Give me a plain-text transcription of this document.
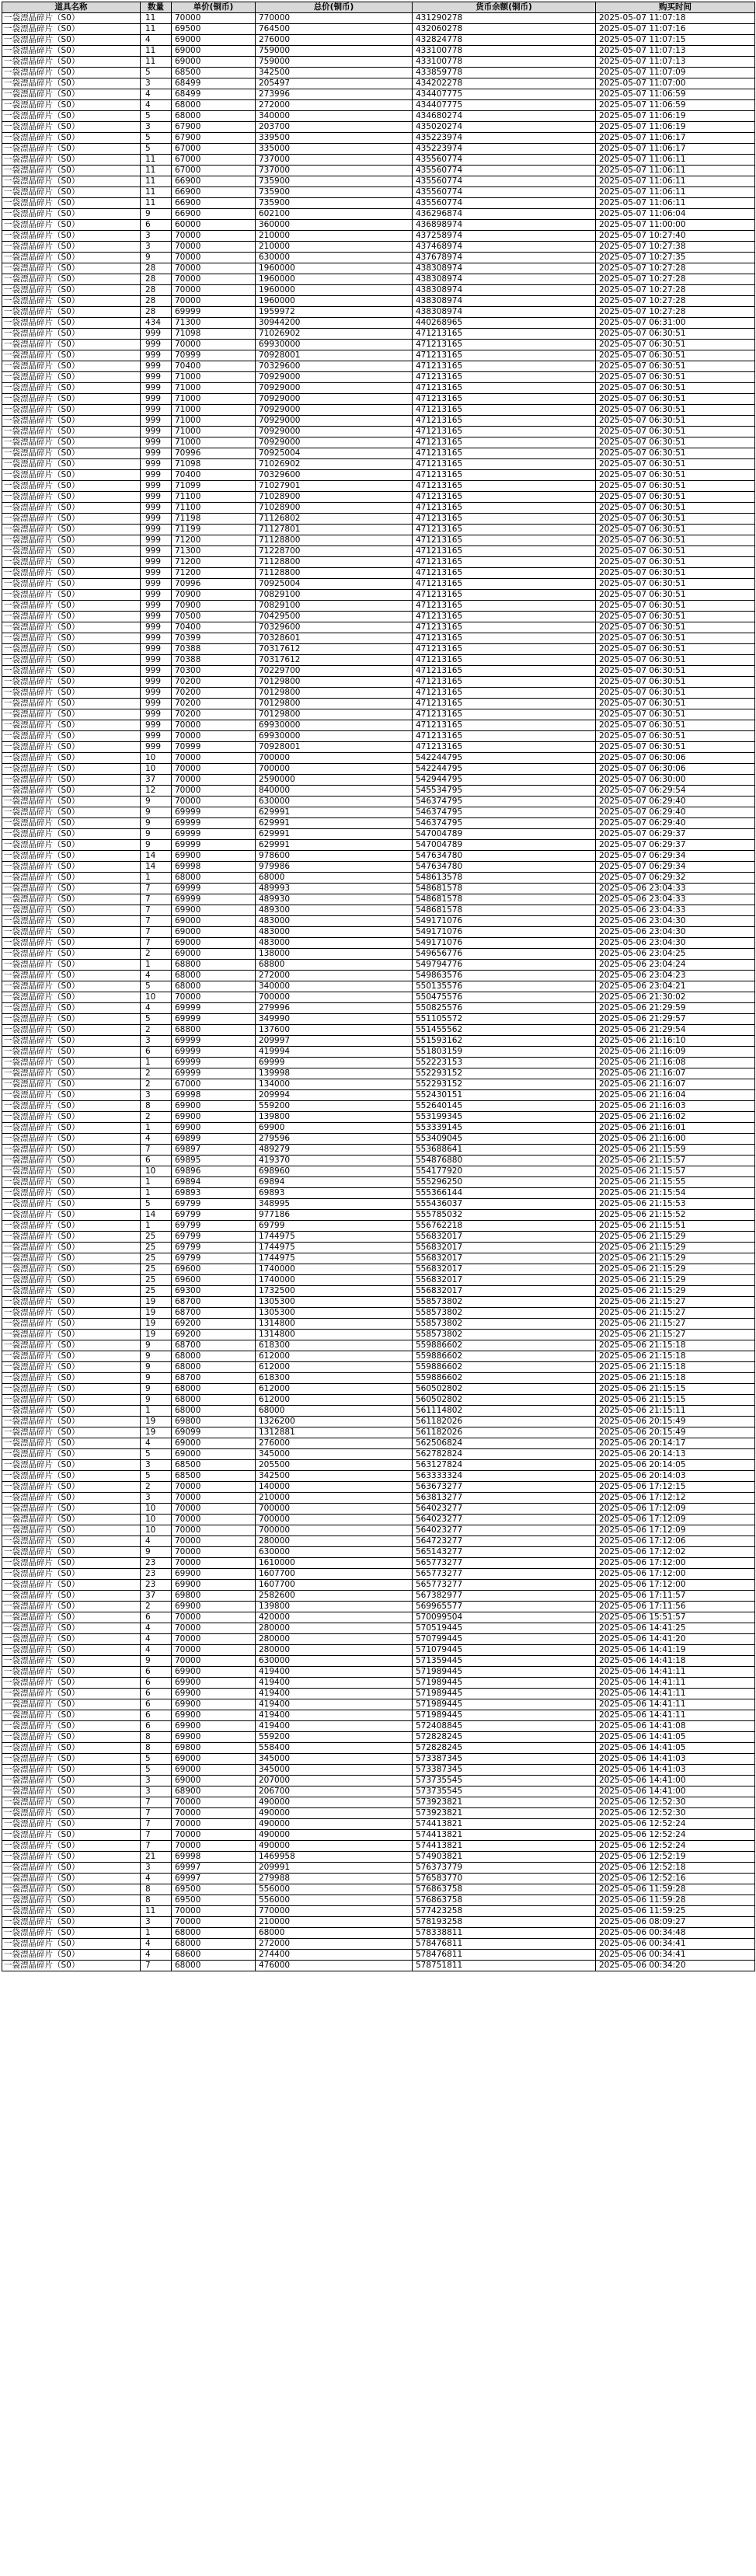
道具名称	数量	单价(铜币)	总价(铜币)	货币余额(铜币)	购买时间
一袋漂晶碎片（S0）	11	70000	770000	431290278	2025-05-07 11:07:18
一袋漂晶碎片（S0）	11	69500	764500	432060278	2025-05-07 11:07:16
一袋漂晶碎片（S0）	4	69000	276000	432824778	2025-05-07 11:07:15
一袋漂晶碎片（S0）	11	69000	759000	433100778	2025-05-07 11:07:13
一袋漂晶碎片（S0）	11	69000	759000	433100778	2025-05-07 11:07:13
一袋漂晶碎片（S0）	5	68500	342500	433859778	2025-05-07 11:07:09
一袋漂晶碎片（S0）	3	68499	205497	434202278	2025-05-07 11:07:00
一袋漂晶碎片（S0）	4	68499	273996	434407775	2025-05-07 11:06:59
一袋漂晶碎片（S0）	4	68000	272000	434407775	2025-05-07 11:06:59
一袋漂晶碎片（S0）	5	68000	340000	434680274	2025-05-07 11:06:19
一袋漂晶碎片（S0）	3	67900	203700	435020274	2025-05-07 11:06:19
一袋漂晶碎片（S0）	5	67900	339500	435223974	2025-05-07 11:06:17
一袋漂晶碎片（S0）	5	67000	335000	435223974	2025-05-07 11:06:17
一袋漂晶碎片（S0）	11	67000	737000	435560774	2025-05-07 11:06:11
一袋漂晶碎片（S0）	11	67000	737000	435560774	2025-05-07 11:06:11
一袋漂晶碎片（S0）	11	66900	735900	435560774	2025-05-07 11:06:11
一袋漂晶碎片（S0）	11	66900	735900	435560774	2025-05-07 11:06:11
一袋漂晶碎片（S0）	11	66900	735900	435560774	2025-05-07 11:06:11
一袋漂晶碎片（S0）	9	66900	602100	436296874	2025-05-07 11:06:04
一袋漂晶碎片（S0）	6	60000	360000	436898974	2025-05-07 11:00:00
一袋漂晶碎片（S0）	3	70000	210000	437258974	2025-05-07 10:27:40
一袋漂晶碎片（S0）	3	70000	210000	437468974	2025-05-07 10:27:38
一袋漂晶碎片（S0）	9	70000	630000	437678974	2025-05-07 10:27:35
一袋漂晶碎片（S0）	28	70000	1960000	438308974	2025-05-07 10:27:28
一袋漂晶碎片（S0）	28	70000	1960000	438308974	2025-05-07 10:27:28
一袋漂晶碎片（S0）	28	70000	1960000	438308974	2025-05-07 10:27:28
一袋漂晶碎片（S0）	28	70000	1960000	438308974	2025-05-07 10:27:28
一袋漂晶碎片（S0）	28	69999	1959972	438308974	2025-05-07 10:27:28
一袋漂晶碎片（S0）	434	71300	30944200	440268965	2025-05-07 06:31:00
一袋漂晶碎片（S0）	999	71098	71026902	471213165	2025-05-07 06:30:51
一袋漂晶碎片（S0）	999	70000	69930000	471213165	2025-05-07 06:30:51
一袋漂晶碎片（S0）	999	70999	70928001	471213165	2025-05-07 06:30:51
一袋漂晶碎片（S0）	999	70400	70329600	471213165	2025-05-07 06:30:51
一袋漂晶碎片（S0）	999	71000	70929000	471213165	2025-05-07 06:30:51
一袋漂晶碎片（S0）	999	71000	70929000	471213165	2025-05-07 06:30:51
一袋漂晶碎片（S0）	999	71000	70929000	471213165	2025-05-07 06:30:51
一袋漂晶碎片（S0）	999	71000	70929000	471213165	2025-05-07 06:30:51
一袋漂晶碎片（S0）	999	71000	70929000	471213165	2025-05-07 06:30:51
一袋漂晶碎片（S0）	999	71000	70929000	471213165	2025-05-07 06:30:51
一袋漂晶碎片（S0）	999	71000	70929000	471213165	2025-05-07 06:30:51
一袋漂晶碎片（S0）	999	70996	70925004	471213165	2025-05-07 06:30:51
一袋漂晶碎片（S0）	999	71098	71026902	471213165	2025-05-07 06:30:51
一袋漂晶碎片（S0）	999	70400	70329600	471213165	2025-05-07 06:30:51
一袋漂晶碎片（S0）	999	71099	71027901	471213165	2025-05-07 06:30:51
一袋漂晶碎片（S0）	999	71100	71028900	471213165	2025-05-07 06:30:51
一袋漂晶碎片（S0）	999	71100	71028900	471213165	2025-05-07 06:30:51
一袋漂晶碎片（S0）	999	71198	71126802	471213165	2025-05-07 06:30:51
一袋漂晶碎片（S0）	999	71199	71127801	471213165	2025-05-07 06:30:51
一袋漂晶碎片（S0）	999	71200	71128800	471213165	2025-05-07 06:30:51
一袋漂晶碎片（S0）	999	71300	71228700	471213165	2025-05-07 06:30:51
一袋漂晶碎片（S0）	999	71200	71128800	471213165	2025-05-07 06:30:51
一袋漂晶碎片（S0）	999	71200	71128800	471213165	2025-05-07 06:30:51
一袋漂晶碎片（S0）	999	70996	70925004	471213165	2025-05-07 06:30:51
一袋漂晶碎片（S0）	999	70900	70829100	471213165	2025-05-07 06:30:51
一袋漂晶碎片（S0）	999	70900	70829100	471213165	2025-05-07 06:30:51
一袋漂晶碎片（S0）	999	70500	70429500	471213165	2025-05-07 06:30:51
一袋漂晶碎片（S0）	999	70400	70329600	471213165	2025-05-07 06:30:51
一袋漂晶碎片（S0）	999	70399	70328601	471213165	2025-05-07 06:30:51
一袋漂晶碎片（S0）	999	70388	70317612	471213165	2025-05-07 06:30:51
一袋漂晶碎片（S0）	999	70388	70317612	471213165	2025-05-07 06:30:51
一袋漂晶碎片（S0）	999	70300	70229700	471213165	2025-05-07 06:30:51
一袋漂晶碎片（S0）	999	70200	70129800	471213165	2025-05-07 06:30:51
一袋漂晶碎片（S0）	999	70200	70129800	471213165	2025-05-07 06:30:51
一袋漂晶碎片（S0）	999	70200	70129800	471213165	2025-05-07 06:30:51
一袋漂晶碎片（S0）	999	70200	70129800	471213165	2025-05-07 06:30:51
一袋漂晶碎片（S0）	999	70000	69930000	471213165	2025-05-07 06:30:51
一袋漂晶碎片（S0）	999	70000	69930000	471213165	2025-05-07 06:30:51
一袋漂晶碎片（S0）	999	70999	70928001	471213165	2025-05-07 06:30:51
一袋漂晶碎片（S0）	10	70000	700000	542244795	2025-05-07 06:30:06
一袋漂晶碎片（S0）	10	70000	700000	542244795	2025-05-07 06:30:06
一袋漂晶碎片（S0）	37	70000	2590000	542944795	2025-05-07 06:30:00
一袋漂晶碎片（S0）	12	70000	840000	545534795	2025-05-07 06:29:54
一袋漂晶碎片（S0）	9	70000	630000	546374795	2025-05-07 06:29:40
一袋漂晶碎片（S0）	9	69999	629991	546374795	2025-05-07 06:29:40
一袋漂晶碎片（S0）	9	69999	629991	546374795	2025-05-07 06:29:40
一袋漂晶碎片（S0）	9	69999	629991	547004789	2025-05-07 06:29:37
一袋漂晶碎片（S0）	9	69999	629991	547004789	2025-05-07 06:29:37
一袋漂晶碎片（S0）	14	69900	978600	547634780	2025-05-07 06:29:34
一袋漂晶碎片（S0）	14	69998	979986	547634780	2025-05-07 06:29:34
一袋漂晶碎片（S0）	1	68000	68000	548613578	2025-05-07 06:29:32
一袋漂晶碎片（S0）	7	69999	489993	548681578	2025-05-06 23:04:33
一袋漂晶碎片（S0）	7	69999	489930	548681578	2025-05-06 23:04:33
一袋漂晶碎片（S0）	7	69900	489300	548681578	2025-05-06 23:04:33
一袋漂晶碎片（S0）	7	69000	483000	549171076	2025-05-06 23:04:30
一袋漂晶碎片（S0）	7	69000	483000	549171076	2025-05-06 23:04:30
一袋漂晶碎片（S0）	7	69000	483000	549171076	2025-05-06 23:04:30
一袋漂晶碎片（S0）	2	69000	138000	549656776	2025-05-06 23:04:25
一袋漂晶碎片（S0）	1	68800	68800	549794776	2025-05-06 23:04:24
一袋漂晶碎片（S0）	4	68000	272000	549863576	2025-05-06 23:04:23
一袋漂晶碎片（S0）	5	68000	340000	550135576	2025-05-06 23:04:21
一袋漂晶碎片（S0）	10	70000	700000	550475576	2025-05-06 21:30:02
一袋漂晶碎片（S0）	4	69999	279996	550825576	2025-05-06 21:29:59
一袋漂晶碎片（S0）	5	69999	349990	551105572	2025-05-06 21:29:57
一袋漂晶碎片（S0）	2	68800	137600	551455562	2025-05-06 21:29:54
一袋漂晶碎片（S0）	3	69999	209997	551593162	2025-05-06 21:16:10
一袋漂晶碎片（S0）	6	69999	419994	551803159	2025-05-06 21:16:09
一袋漂晶碎片（S0）	1	69999	69999	552223153	2025-05-06 21:16:08
一袋漂晶碎片（S0）	2	69999	139998	552293152	2025-05-06 21:16:07
一袋漂晶碎片（S0）	2	67000	134000	552293152	2025-05-06 21:16:07
一袋漂晶碎片（S0）	3	69998	209994	552430151	2025-05-06 21:16:04
一袋漂晶碎片（S0）	8	69900	559200	552640145	2025-05-06 21:16:03
一袋漂晶碎片（S0）	2	69900	139800	553199345	2025-05-06 21:16:02
一袋漂晶碎片（S0）	1	69900	69900	553339145	2025-05-06 21:16:01
一袋漂晶碎片（S0）	4	69899	279596	553409045	2025-05-06 21:16:00
一袋漂晶碎片（S0）	7	69897	489279	553688641	2025-05-06 21:15:59
一袋漂晶碎片（S0）	6	69895	419370	554876880	2025-05-06 21:15:57
一袋漂晶碎片（S0）	10	69896	698960	554177920	2025-05-06 21:15:57
一袋漂晶碎片（S0）	1	69894	69894	555296250	2025-05-06 21:15:55
一袋漂晶碎片（S0）	1	69893	69893	555366144	2025-05-06 21:15:54
一袋漂晶碎片（S0）	5	69799	348995	555436037	2025-05-06 21:15:53
一袋漂晶碎片（S0）	14	69799	977186	555785032	2025-05-06 21:15:52
一袋漂晶碎片（S0）	1	69799	69799	556762218	2025-05-06 21:15:51
一袋漂晶碎片（S0）	25	69799	1744975	556832017	2025-05-06 21:15:29
一袋漂晶碎片（S0）	25	69799	1744975	556832017	2025-05-06 21:15:29
一袋漂晶碎片（S0）	25	69799	1744975	556832017	2025-05-06 21:15:29
一袋漂晶碎片（S0）	25	69600	1740000	556832017	2025-05-06 21:15:29
一袋漂晶碎片（S0）	25	69600	1740000	556832017	2025-05-06 21:15:29
一袋漂晶碎片（S0）	25	69300	1732500	556832017	2025-05-06 21:15:29
一袋漂晶碎片（S0）	19	68700	1305300	558573802	2025-05-06 21:15:27
一袋漂晶碎片（S0）	19	68700	1305300	558573802	2025-05-06 21:15:27
一袋漂晶碎片（S0）	19	69200	1314800	558573802	2025-05-06 21:15:27
一袋漂晶碎片（S0）	19	69200	1314800	558573802	2025-05-06 21:15:27
一袋漂晶碎片（S0）	9	68700	618300	559886602	2025-05-06 21:15:18
一袋漂晶碎片（S0）	9	68000	612000	559886602	2025-05-06 21:15:18
一袋漂晶碎片（S0）	9	68000	612000	559886602	2025-05-06 21:15:18
一袋漂晶碎片（S0）	9	68700	618300	559886602	2025-05-06 21:15:18
一袋漂晶碎片（S0）	9	68000	612000	560502802	2025-05-06 21:15:15
一袋漂晶碎片（S0）	9	68000	612000	560502802	2025-05-06 21:15:15
一袋漂晶碎片（S0）	1	68000	68000	561114802	2025-05-06 21:15:11
一袋漂晶碎片（S0）	19	69800	1326200	561182026	2025-05-06 20:15:49
一袋漂晶碎片（S0）	19	69099	1312881	561182026	2025-05-06 20:15:49
一袋漂晶碎片（S0）	4	69000	276000	562506824	2025-05-06 20:14:17
一袋漂晶碎片（S0）	5	69000	345000	562782824	2025-05-06 20:14:13
一袋漂晶碎片（S0）	3	68500	205500	563127824	2025-05-06 20:14:05
一袋漂晶碎片（S0）	5	68500	342500	563333324	2025-05-06 20:14:03
一袋漂晶碎片（S0）	2	70000	140000	563673277	2025-05-06 17:12:15
一袋漂晶碎片（S0）	3	70000	210000	563813277	2025-05-06 17:12:12
一袋漂晶碎片（S0）	10	70000	700000	564023277	2025-05-06 17:12:09
一袋漂晶碎片（S0）	10	70000	700000	564023277	2025-05-06 17:12:09
一袋漂晶碎片（S0）	10	70000	700000	564023277	2025-05-06 17:12:09
一袋漂晶碎片（S0）	4	70000	280000	564723277	2025-05-06 17:12:06
一袋漂晶碎片（S0）	9	70000	630000	565143277	2025-05-06 17:12:02
一袋漂晶碎片（S0）	23	70000	1610000	565773277	2025-05-06 17:12:00
一袋漂晶碎片（S0）	23	69900	1607700	565773277	2025-05-06 17:12:00
一袋漂晶碎片（S0）	23	69900	1607700	565773277	2025-05-06 17:12:00
一袋漂晶碎片（S0）	37	69800	2582600	567382977	2025-05-06 17:11:57
一袋漂晶碎片（S0）	2	69900	139800	569965577	2025-05-06 17:11:56
一袋漂晶碎片（S0）	6	70000	420000	570099504	2025-05-06 15:51:57
一袋漂晶碎片（S0）	4	70000	280000	570519445	2025-05-06 14:41:25
一袋漂晶碎片（S0）	4	70000	280000	570799445	2025-05-06 14:41:20
一袋漂晶碎片（S0）	4	70000	280000	571079445	2025-05-06 14:41:19
一袋漂晶碎片（S0）	9	70000	630000	571359445	2025-05-06 14:41:18
一袋漂晶碎片（S0）	6	69900	419400	571989445	2025-05-06 14:41:11
一袋漂晶碎片（S0）	6	69900	419400	571989445	2025-05-06 14:41:11
一袋漂晶碎片（S0）	6	69900	419400	571989445	2025-05-06 14:41:11
一袋漂晶碎片（S0）	6	69900	419400	571989445	2025-05-06 14:41:11
一袋漂晶碎片（S0）	6	69900	419400	571989445	2025-05-06 14:41:11
一袋漂晶碎片（S0）	6	69900	419400	572408845	2025-05-06 14:41:08
一袋漂晶碎片（S0）	8	69900	559200	572828245	2025-05-06 14:41:05
一袋漂晶碎片（S0）	8	69800	558400	572828245	2025-05-06 14:41:05
一袋漂晶碎片（S0）	5	69000	345000	573387345	2025-05-06 14:41:03
一袋漂晶碎片（S0）	5	69000	345000	573387345	2025-05-06 14:41:03
一袋漂晶碎片（S0）	3	69000	207000	573735545	2025-05-06 14:41:00
一袋漂晶碎片（S0）	3	68900	206700	573735545	2025-05-06 14:41:00
一袋漂晶碎片（S0）	7	70000	490000	573923821	2025-05-06 12:52:30
一袋漂晶碎片（S0）	7	70000	490000	573923821	2025-05-06 12:52:30
一袋漂晶碎片（S0）	7	70000	490000	574413821	2025-05-06 12:52:24
一袋漂晶碎片（S0）	7	70000	490000	574413821	2025-05-06 12:52:24
一袋漂晶碎片（S0）	7	70000	490000	574413821	2025-05-06 12:52:24
一袋漂晶碎片（S0）	21	69998	1469958	574903821	2025-05-06 12:52:19
一袋漂晶碎片（S0）	3	69997	209991	576373779	2025-05-06 12:52:18
一袋漂晶碎片（S0）	4	69997	279988	576583770	2025-05-06 12:52:16
一袋漂晶碎片（S0）	8	69500	556000	576863758	2025-05-06 11:59:28
一袋漂晶碎片（S0）	8	69500	556000	576863758	2025-05-06 11:59:28
一袋漂晶碎片（S0）	11	70000	770000	577423258	2025-05-06 11:59:25
一袋漂晶碎片（S0）	3	70000	210000	578193258	2025-05-06 08:09:27
一袋漂晶碎片（S0）	1	68000	68000	578338811	2025-05-06 00:34:48
一袋漂晶碎片（S0）	4	68000	272000	578476811	2025-05-06 00:34:41
一袋漂晶碎片（S0）	4	68600	274400	578476811	2025-05-06 00:34:41
一袋漂晶碎片（S0）	7	68000	476000	578751811	2025-05-06 00:34:20
